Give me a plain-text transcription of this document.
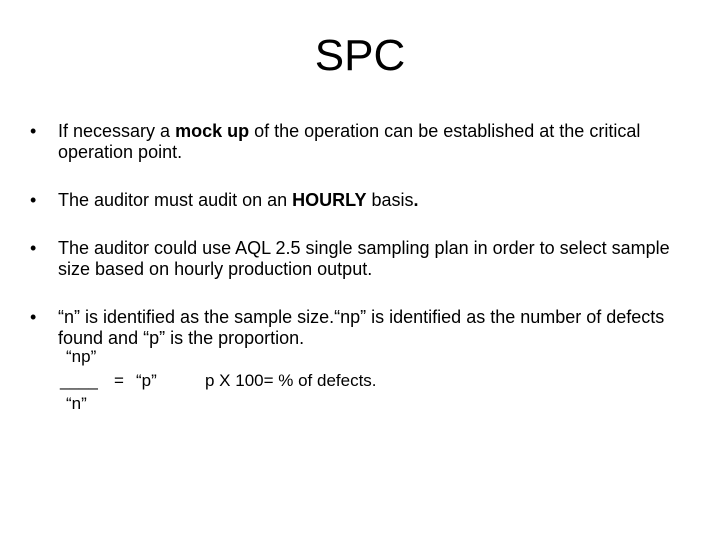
SPC
• If necessary a mock up of the operation can be established at the critical operation point.
• The auditor must audit on an HOURLY basis.
• The auditor could use AQL 2.5 single sampling plan in order to select sample size based on hourly production output.
• “n” is identified as the sample size.“np” is identified as the number of defects found and “p” is the proportion.
“np”
____ = “p”	p X 100= % of defects.
“n”
